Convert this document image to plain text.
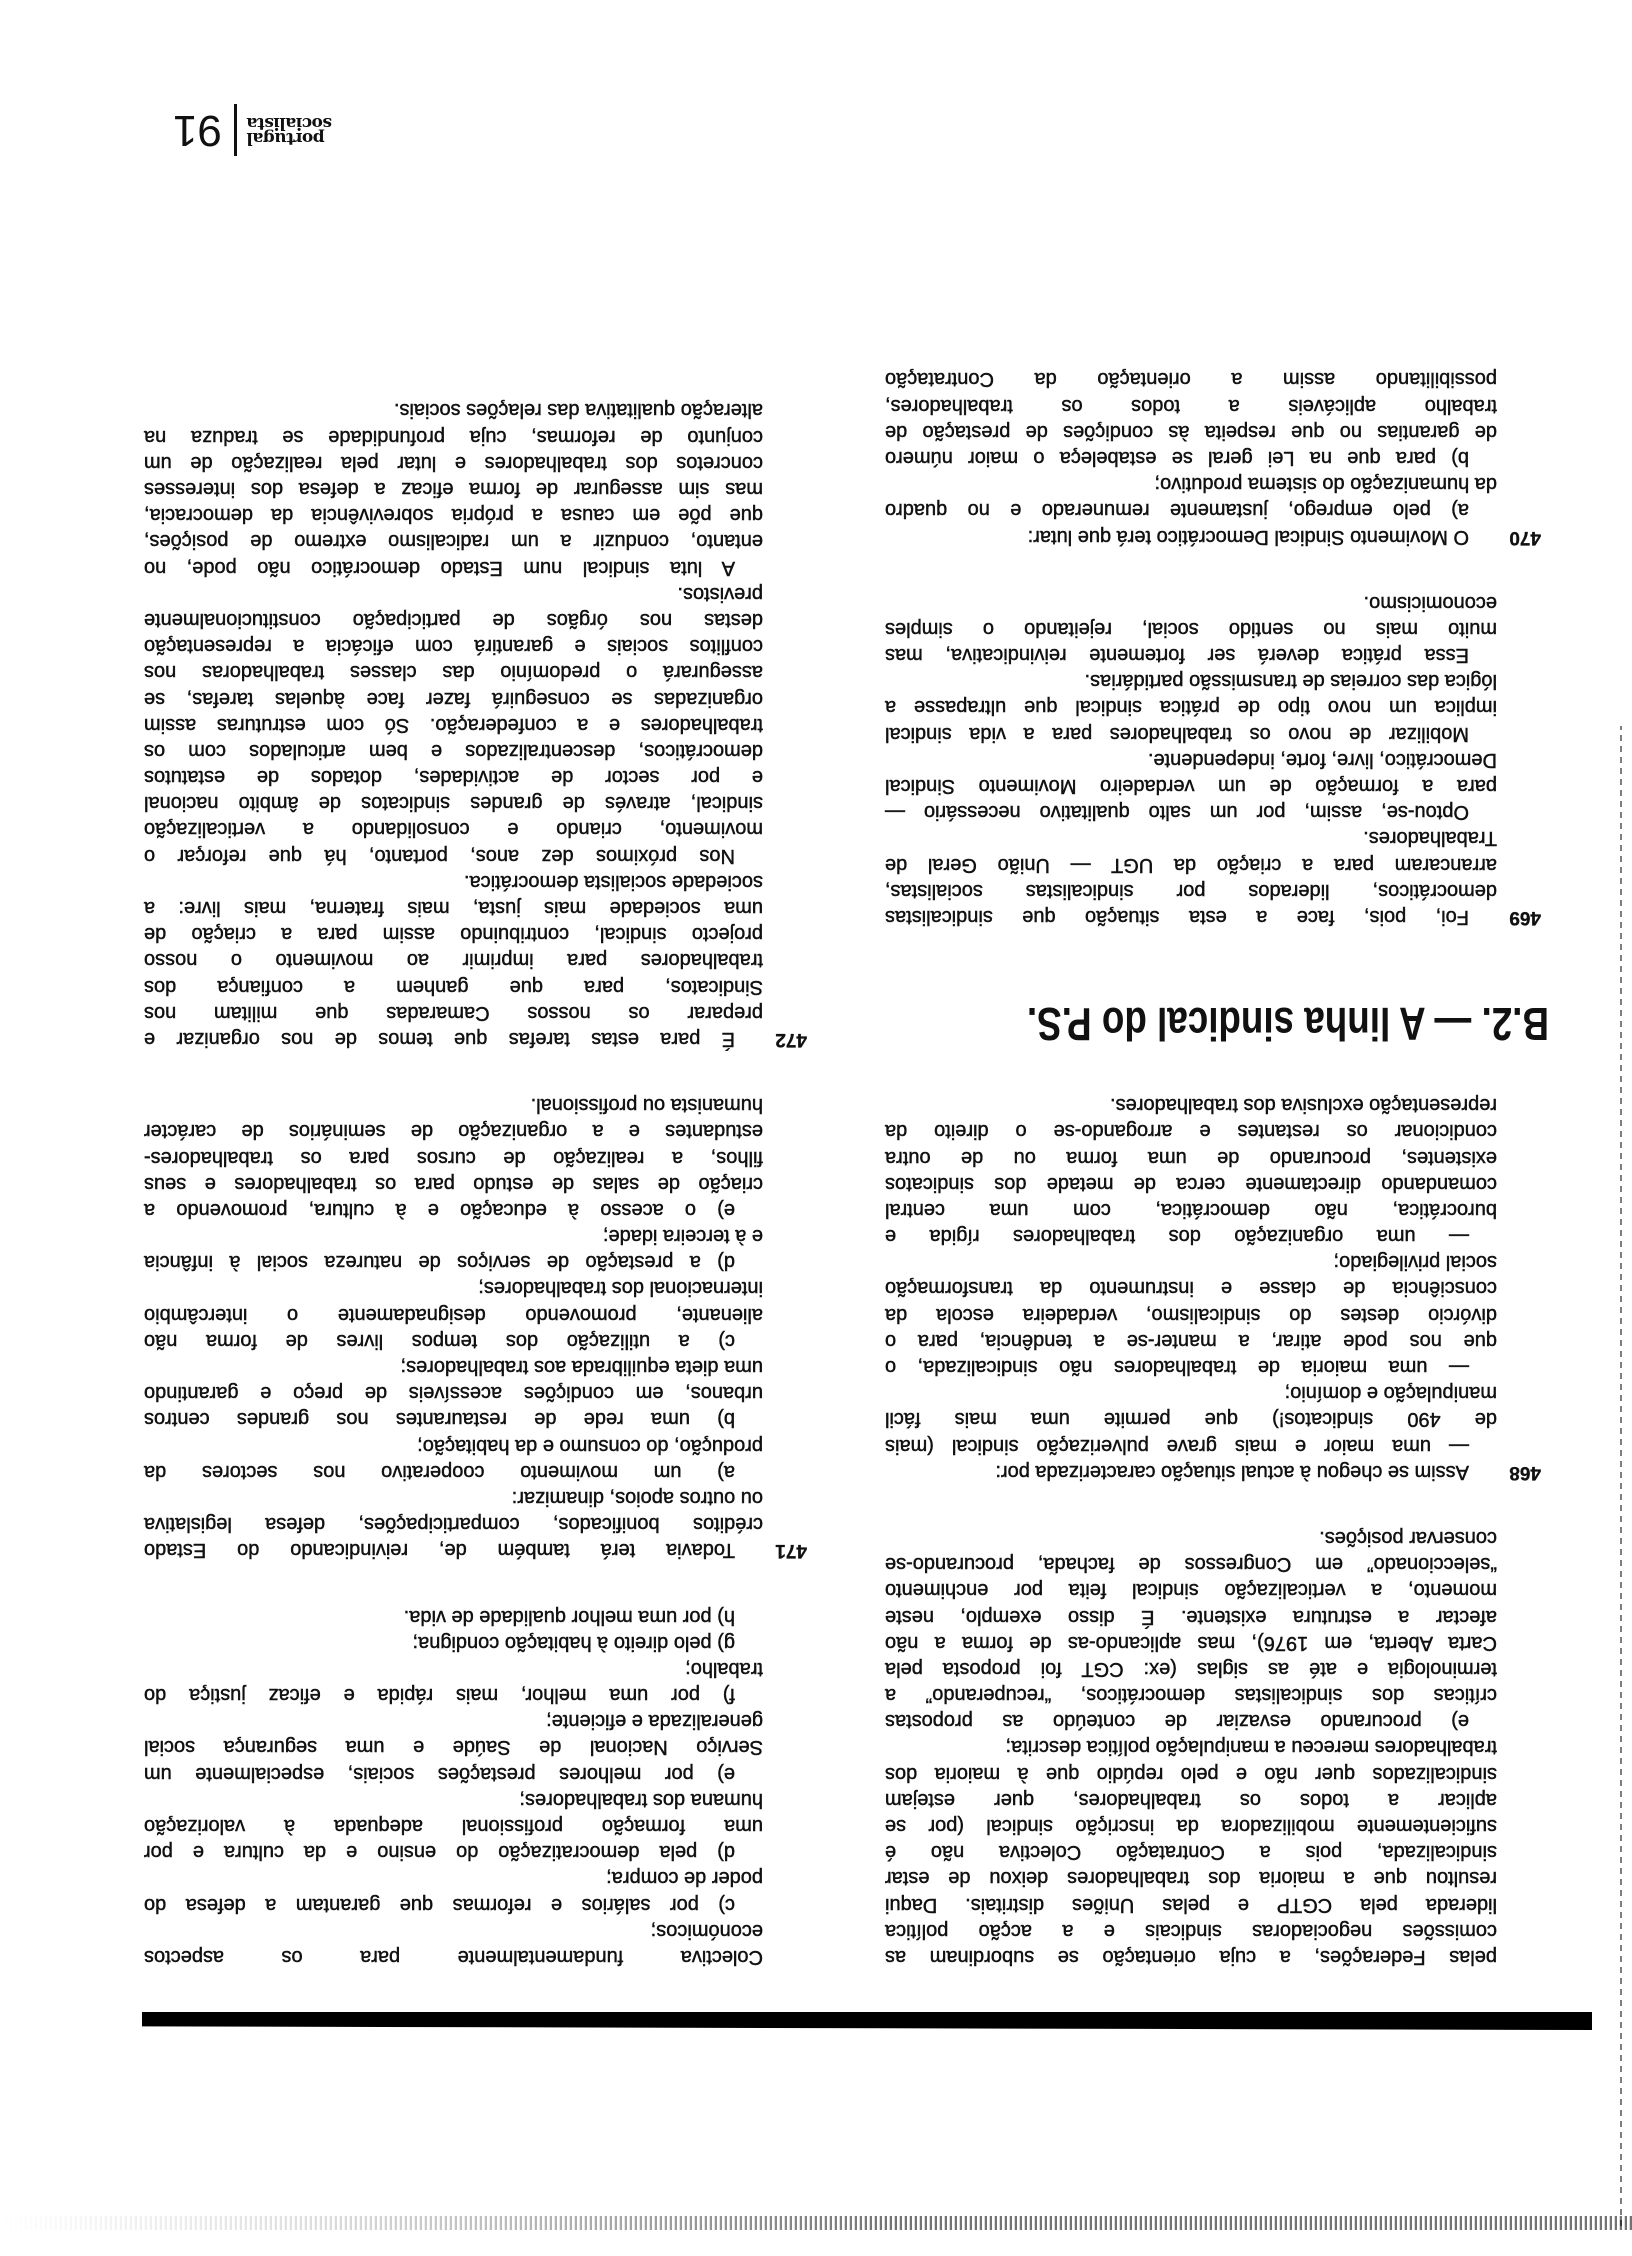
pelas Federações, a cuja orientação se subordinam as
comissões negociadoras sindicais e a acção política
liderada pela CGTP e pelas Uniões distritais. Daqui
resultou que a maioria dos trabalhadores deixou de estar
sindicalizada, pois a Contratação Colectiva não é
suficientemente mobilizadora da inscrição sindical (por se
aplicar a todos os trabalhadores, quer estejam
sindicalizados quer não e pelo repúdio que à maioria dos
trabalhadores mereceu a manipulação política descrita;
e) procurando esvaziar de conteúdo as propostas
críticas dos sindicalistas democráticos, “recuperando” a
terminologia e até as siglas (ex: CGT foi proposta pela
Carta Aberta, em 1976), mas aplicando-as de forma a não
afectar a estrutura existente. É disso exemplo, neste
momento, a verticalização sindical feita por enchimento
“seleccionado” em Congressos de fachada, procurando-se
conservar posições.
468
Assim se chegou à actual situação caracterizada por:
— uma maior e mais grave pulverização sindical (mais
de 490 sindicatos!) que permite uma mais fácil
manipulação e domínio;
— uma maioria de trabalhadores não sindicalizada, o
que nos pode atirar, a manter-se a tendência, para o
divórcio destes do sindicalismo, verdadeira escola da
consciência de classe e instrumento da transformação
social privilegiado;
— uma organização dos trabalhadores rígida e
burocrática, não democrática, com uma central
comandando directamente cerca de metade dos sindicatos
existentes, procurando de uma forma ou de outra
condicionar os restantes e arrogando-se o direito da
representação exclusiva dos trabalhadores.
B.2. — A linha sindical do P.S.
469
Foi, pois, face a esta situação que sindicalistas
democráticos, liderados por sindicalistas socialistas,
arrancaram para a criação da UGT — União Geral de
Trabalhadores.
Optou-se, assim, por um salto qualitativo necessário —
para a formação de um verdadeiro Movimento Sindical
Democrático, livre, forte, independente.
Mobilizar de novo os trabalhadores para a vida sindical
implica um novo tipo de prática sindical que ultrapasse a
lógica das correias de transmissão partidárias.
Essa prática deverá ser fortemente reivindicativa, mas
muito mais no sentido social, rejeitando o simples
economicismo.
470
O Movimento Sindical Democrático terá que lutar:
a) pelo emprego, justamente remunerado e no quadro
da humanização do sistema produtivo;
b) para que na Lei geral se estabeleça o maior número
de garantias no que respeita às condições de prestação de
trabalho aplicáveis a todos os trabalhadores,
possibilitando assim a orientação da Contratação
Colectiva fundamentalmente para os aspectos
económicos;
c) por salários e reformas que garantam a defesa do
poder de compra;
d) pela democratização do ensino e da cultura e por
uma formação profissional adequada à valorização
humana dos trabalhadores;
e) por melhores prestações sociais, especialmente um
Serviço Nacional de Saúde e uma segurança social
generalizada e eficiente;
f) por uma melhor, mais rápida e eficaz justiça do
trabalho;
g) pelo direito à habitação condigna;
h) por uma melhor qualidade de vida.
471
Todavia terá também de, reivindicando do Estado
créditos bonificados, comparticipações, defesa legislativa
ou outros apoios, dinamizar:
a) um movimento cooperativo nos sectores da
produção, do consumo e da habitação;
b) uma rede de restaurantes nos grandes centros
urbanos, em condições acessíveis de preço e garantindo
uma dieta equilibrada aos trabalhadores;
c) a utilização dos tempos livres de forma não
alienante, promovendo designadamente o intercâmbio
internacional dos trabalhadores;
d) a prestação de serviços de natureza social à infância
e à terceira idade;
e) o acesso à educação e à cultura, promovendo a
criação de salas de estudo para os trabalhadores e seus
filhos, a realização de cursos para os trabalhadores-
estudantes e a organização de seminários de carácter
humanista ou profissional.
472
É para estas tarefas que temos de nos organizar e
preparar os nossos Camaradas que militam nos
Sindicatos, para que ganhem a confiança dos
trabalhadores para imprimir ao movimento o nosso
projecto sindical, contribuindo assim para a criação de
uma sociedade mais justa, mais fraterna, mais livre: a
sociedade socialista democrática.
Nos próximos dez anos, portanto, há que reforçar o
movimento, criando e consolidando a verticalização
sindical, através de grandes sindicatos de âmbito nacional
e por sector de actividades, dotados de estatutos
democráticos, descentralizados e bem articulados com os
trabalhadores e a confederação. Só com estruturas assim
organizadas se conseguirá fazer face àquelas tarefas, se
assegurará o predomínio das classes trabalhadoras nos
conflitos sociais e garantirá com eficácia a representação
destas nos órgãos de participação constitucionalmente
previstos.
A luta sindical num Estado democrático não pode, no
entanto, conduzir a um radicalismo extremo de posições,
que põe em causa a própria sobrevivência da democracia,
mas sim assegurar de forma eficaz a defesa dos interesses
concretos dos trabalhadores e lutar pela realização de um
conjunto de reformas, cuja profundidade se traduza na
alteração qualitativa das relações sociais.
portugal
socialista
91
